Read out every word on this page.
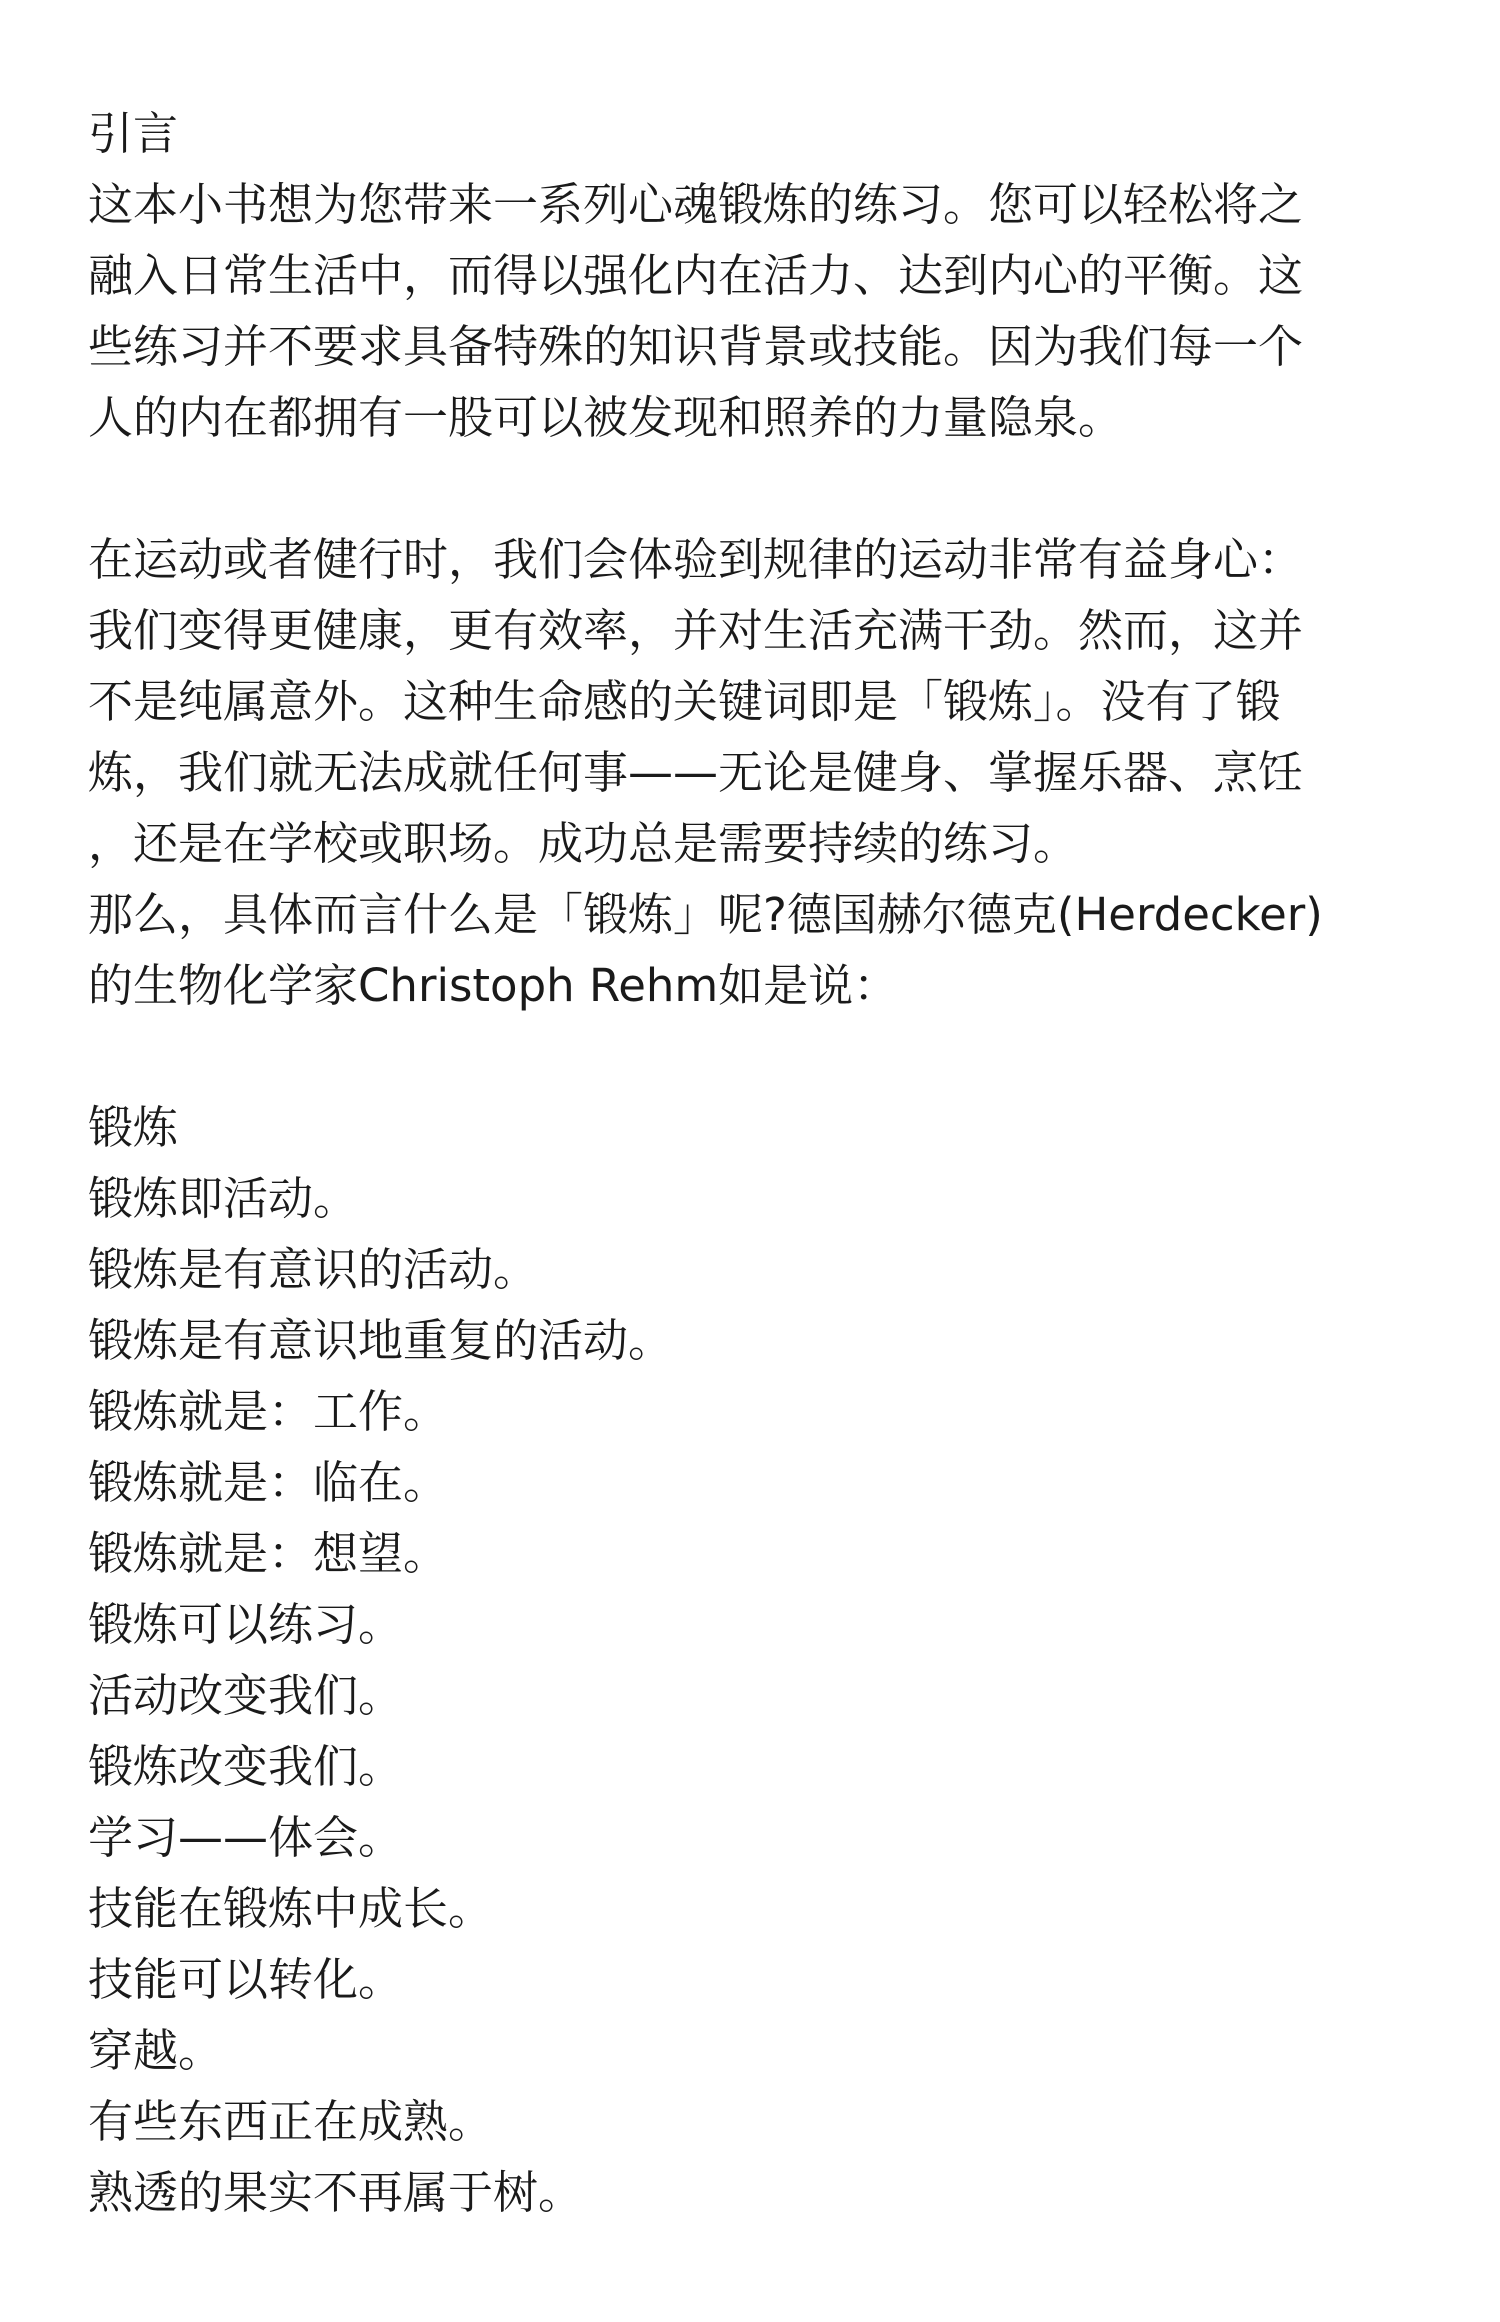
引言
这本小书想为您带来一系列心魂锻炼的练习。您可以轻松将之
融入日常生活中，而得以强化内在活力、达到内心的平衡。这
些练习并不要求具备特殊的知识背景或技能。因为我们每一个
人的内在都拥有一股可以被发现和照养的力量隐泉。
在运动或者健行时，我们会体验到规律的运动非常有益身心：
我们变得更健康，更有效率，并对生活充满干劲。然而，这并
不是纯属意外。这种生命感的关键词即是「锻炼」。没有了锻
炼，我们就无法成就任何事——无论是健身、掌握乐器、烹饪
，还是在学校或职场。成功总是需要持续的练习。
那么，具体而言什么是「锻炼」呢?德国赫尔德克(Herdecker)
的生物化学家Christoph Rehm如是说：
锻炼
锻炼即活动。
锻炼是有意识的活动。
锻炼是有意识地重复的活动。
锻炼就是：工作。
锻炼就是：临在。
锻炼就是：想望。
锻炼可以练习。
活动改变我们。
锻炼改变我们。
学习——体会。
技能在锻炼中成长。
技能可以转化。
穿越。
有些东西正在成熟。
熟透的果实不再属于树。
